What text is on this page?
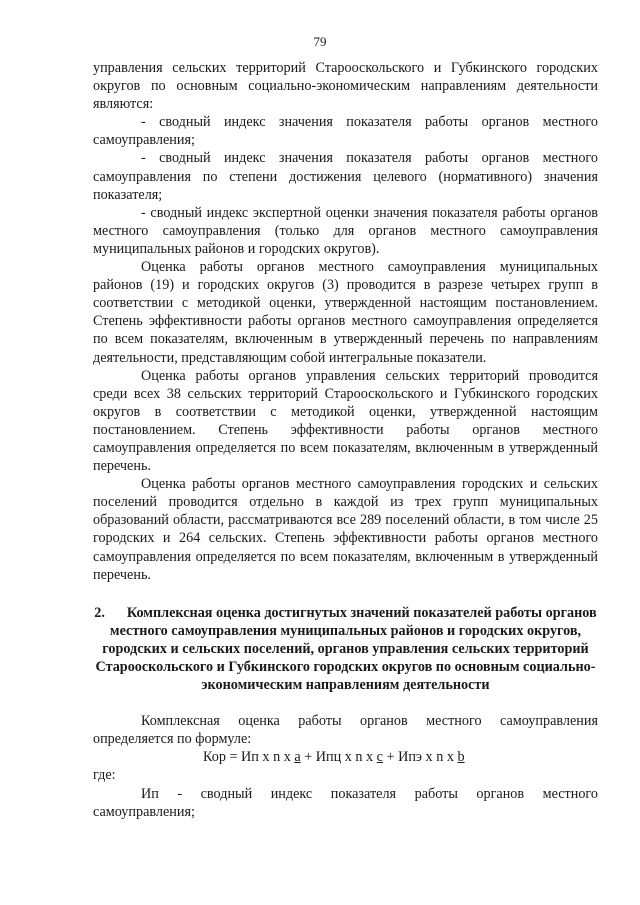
79

управления сельских территорий Старооскольского и Губкинского городских округов по основным социально-экономическим направлениям деятельности являются:

- сводный индекс значения показателя работы органов местного самоуправления;

- сводный индекс значения показателя работы органов местного самоуправления по степени достижения целевого (нормативного) значения показателя;

- сводный индекс экспертной оценки значения показателя работы органов местного самоуправления (только для органов местного самоуправления муниципальных районов и городских округов).

Оценка работы органов местного самоуправления муниципальных районов (19) и городских округов (3) проводится в разрезе четырех групп в соответствии с методикой оценки, утвержденной настоящим постановлением. Степень эффективности работы органов местного самоуправления определяется по всем показателям, включенным в утвержденный перечень по направлениям деятельности, представляющим собой интегральные показатели.

Оценка работы органов управления сельских территорий проводится среди всех 38 сельских территорий Старооскольского и Губкинского городских округов в соответствии с методикой оценки, утвержденной настоящим постановлением. Степень эффективности работы органов местного самоуправления определяется по всем показателям, включенным в утвержденный перечень.

Оценка работы органов местного самоуправления городских и сельских поселений проводится отдельно в каждой из трех групп муниципальных образований области, рассматриваются все 289 поселений области, в том числе 25 городских и 264 сельских. Степень эффективности работы органов местного самоуправления определяется по всем показателям, включенным в утвержденный перечень.

2. Комплексная оценка достигнутых значений показателей работы органов местного самоуправления муниципальных районов и городских округов, городских и сельских поселений, органов управления сельских территорий Старооскольского и Губкинского городских округов по основным социально-экономическим направлениям деятельности

Комплексная оценка работы органов местного самоуправления определяется по формуле:

Кор = Ип x n x a + Ипц x n x c + Ипэ x n x b

где:

Ип - сводный индекс показателя работы органов местного самоуправления;
